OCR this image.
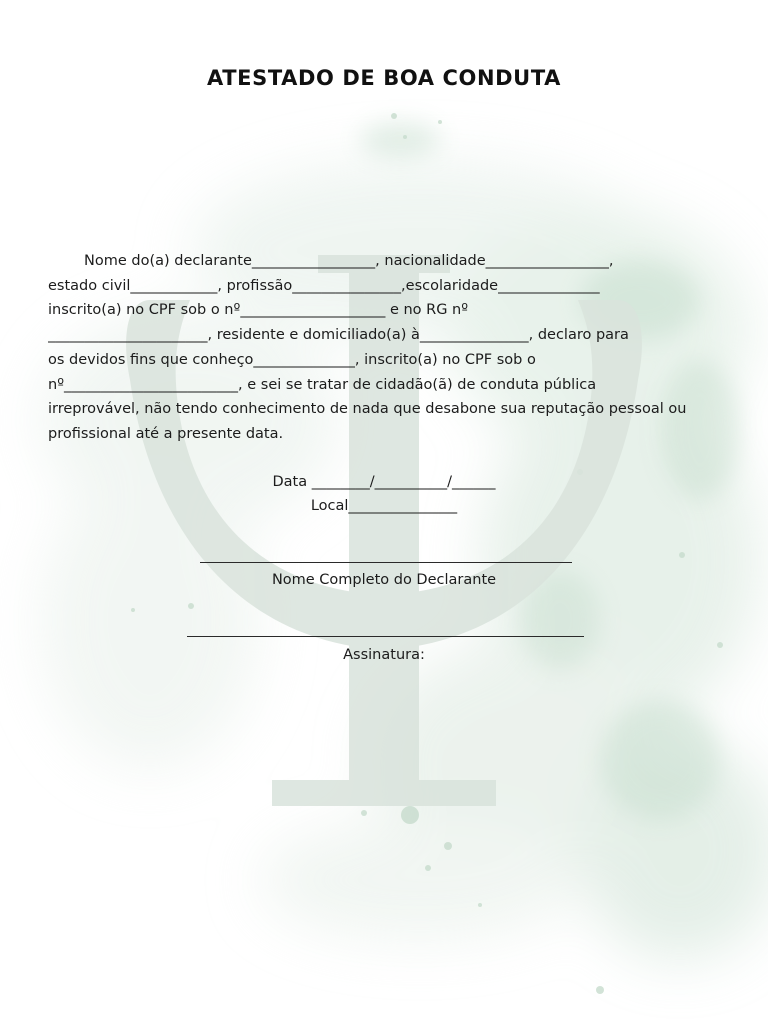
ATESTADO DE BOA CONDUTA

Nome do(a) declarante_________________, nacionalidade_________________,
estado civil____________, profissão_______________,escolaridade______________
inscrito(a) no CPF sob o nº____________________ e no RG nº
______________________, residente e domiciliado(a) à_______________, declaro para
os devidos fins que conheço______________, inscrito(a) no CPF sob o
nº________________________, e sei se tratar de cidadão(ã) de conduta pública
irreprovável, não tendo conhecimento de nada que desabone sua reputação pessoal ou
profissional até a presente data.

Data ________/__________/______

Local_______________

Nome Completo do Declarante

Assinatura:
